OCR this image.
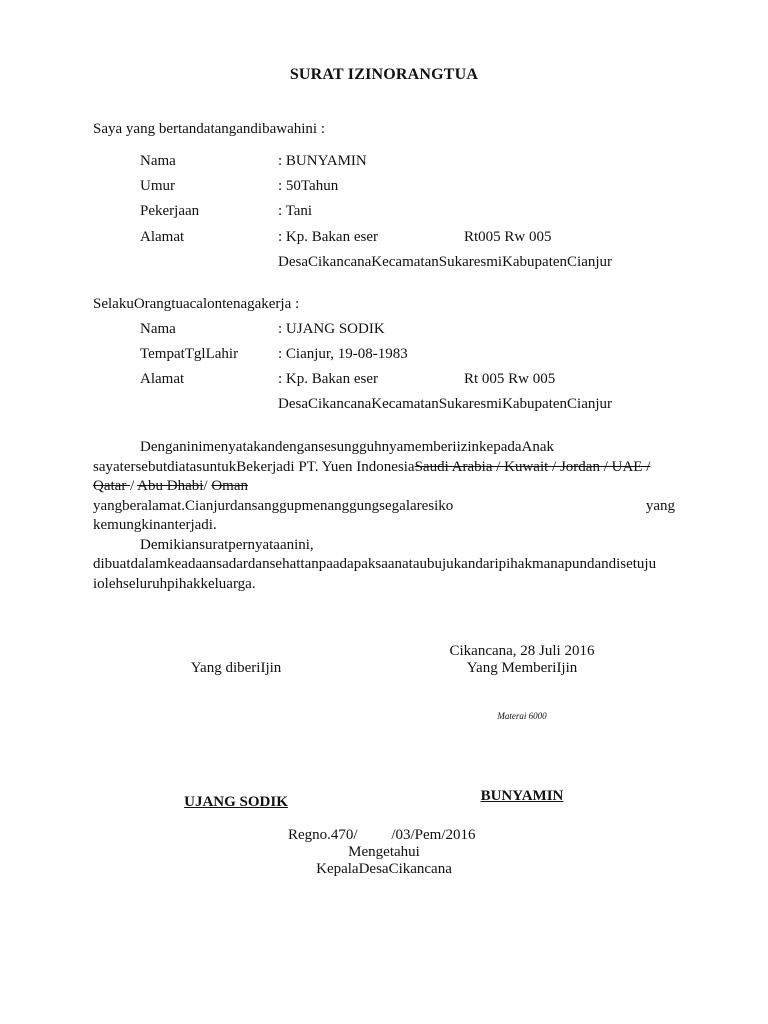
SURAT IZINORANGTUA
Saya yang bertandatangandibawahini :
Nama	: BUNYAMIN
Umur	: 50Tahun
Pekerjaan	: Tani
Alamat	: Kp. Bakan eser	Rt005 Rw 005
DesaCikancanaKecamatanSukaresmiKabupatenCianjur
SelakuOrangtuacalontenagakerja :
Nama	: UJANG SODIK
TempatTglLahir	: Cianjur, 19-08-1983
Alamat	: Kp. Bakan eser	Rt 005 Rw 005
DesaCikancanaKecamatanSukaresmiKabupatenCianjur
DenganinimenyatakandengansesungguhnyamemberiizinkepadaAnak
sayatersebutdiatasuntukBekerjadi PT. Yuen IndonesiaSaudi Arabia / Kuwait / Jordan / UAE /
Qatar / Abu Dhabi/ Oman
yangberalamat.Cianjurdansanggupmenanggungsegalaresiko yang
kemungkinanterjadi.
Demikiansuratpernyataanini,
dibuatdalamkeadaansadardansehattanpaadapaksaanataubujukandaripihakmanapundandisetuju
iolehseluruhpihakkeluarga.
Cikancana, 28 Juli 2016
Yang diberiIjin	Yang MemberiIjin
Materai 6000
UJANG SODIK	BUNYAMIN
Regno.470/         /03/Pem/2016
Mengetahui
KepalaDesaCikancana
